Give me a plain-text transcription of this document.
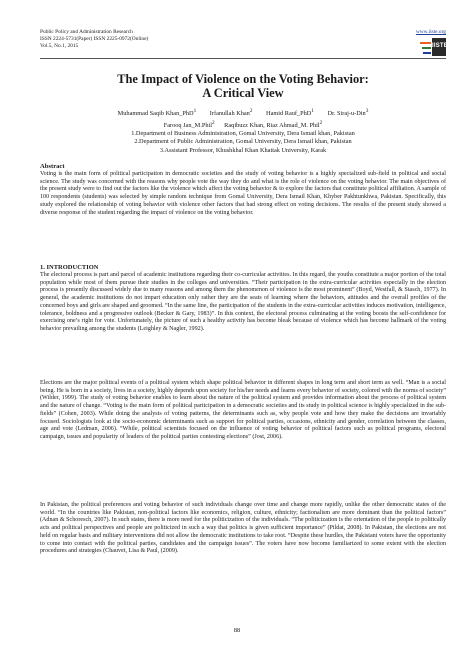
Public Policy and Administration Research
ISSN 2224-5731(Paper) ISSN 2225-0972(Online)
Vol.5, No.1, 2015
www.iiste.org
IISTE
The Impact of Violence on the Voting Behavior:
A Critical View
Muhammad Saqib Khan_PhD$^1$ Irfanullah Khan$^2$ Hamid Rauf_PhD$^1$ Dr. Siraj-u-Din$^3$
Farooq Jan_M.Phil$^2$ Raqibuzz Khan, Riaz Ahmad_M. Phil$^2$
1.Department of Business Administration, Gomal University, Dera Ismail khan, Pakistan
2.Department of Public Administration, Gomal University, Dera Ismail khan, Pakistan
3.Assistant Professor, Khushkhal Khan Khattak University, Karak
Abstract
Voting is the main form of political participation in democratic societies and the study of voting behavior is a highly specialized sub-field in political and social science. The study was concerned with the reasons why people vote the way they do and what is the role of violence on the voting behavior. The main objectives of the present study were to find out the factors like the violence which affect the voting behavior & to explore the factors that constitute political affiliation. A sample of 100 respondents (students) was selected by simple random technique from Gomal University, Dera Ismail Khan, Khyber Pakhtunkhwa, Pakistan. Specifically, this study explored the relationship of voting behavior with violence other factors that had strong effect on voting decisions. The results of the present study showed a diverse response of the student regarding the impact of violence on the voting behavior.
1. INTRODUCTION
The electoral process is part and parcel of academic institutions regarding their co-curricular activities. In this regard, the youths constitute a major portion of the total population while most of them pursue their studies in the colleges and universities. “Their participation in the extra-curricular activities especially in the election process is presently discussed widely due to many reasons and among them the phenomenon of violence is the most prominent” (Boyd, Westfall, & Stasch, 1977). In general, the academic institutions do not impart education only rather they are the seats of learning where the behaviors, attitudes and the overall profiles of the concerned boys and girls are shaped and groomed. “In the same line, the participation of the students in the extra-curricular activities induces motivation, intelligence, tolerance, boldness and a progressive outlook (Becker & Gary, 1983)”. In this context, the electoral process culminating at the voting boosts the self-confidence for exercising one’s right for vote. Unfortunately, the picture of such a healthy activity has become bleak because of violence which has become hallmark of the voting behavior prevailing among the students (Leighley & Nagler, 1992).
Elections are the major political events of a political system which shape political behavior in different shapes in long term and short term as well. “Man is a social being. He is born in a society, lives in a society, highly depends upon society for his/her needs and learns every behavior of society, colored with the norms of society” (Wilder, 1999). The study of voting behavior enables to learn about the nature of the political system and provides information about the process of political system and the nature of change. “Voting is the main form of political participation in a democratic societies and its study in political science is highly specialized in the sub-fields” (Cohen, 2003). While doing the analysis of voting patterns, the determinants such as, why people vote and how they make the decisions are invariably focused. Sociologists look at the socio-economic determinants such as support for political parties, occasions, ethnicity and gender, correlation between the classes, age and vote (Ledman, 2006). “While, political scientists focused on the influence of voting behavior of political factors such as political programs, electoral campaign, issues and popularity of leaders of the political parties contesting elections” (Jost, 2006).
In Pakistan, the political preferences and voting behavior of such individuals change over time and change more rapidly, unlike the other democratic states of the world. “In the countries like Pakistan, non-political factors like economics, religion, culture, ethnicity; factionalism are more dominant than the political factors” (Adnan & Schoresch, 2007). In such states, there is more need for the politicization of the individuals. “The politicization is the orientation of the people to politically acts and political perspectives and people are politicized in such a way that politics is given sufficient importance” (Pildat, 2008). In Pakistan, the elections are not held on regular basis and military interventions did not allow the democratic institutions to take root. “Despite these hurdles, the Pakistani voters have the opportunity to come into contact with the political parties, candidates and the campaign issues”. The voters have now become familiarized to some extent with the election procedures and strategies (Chauvet, Lisa & Paul, (2009).
88
